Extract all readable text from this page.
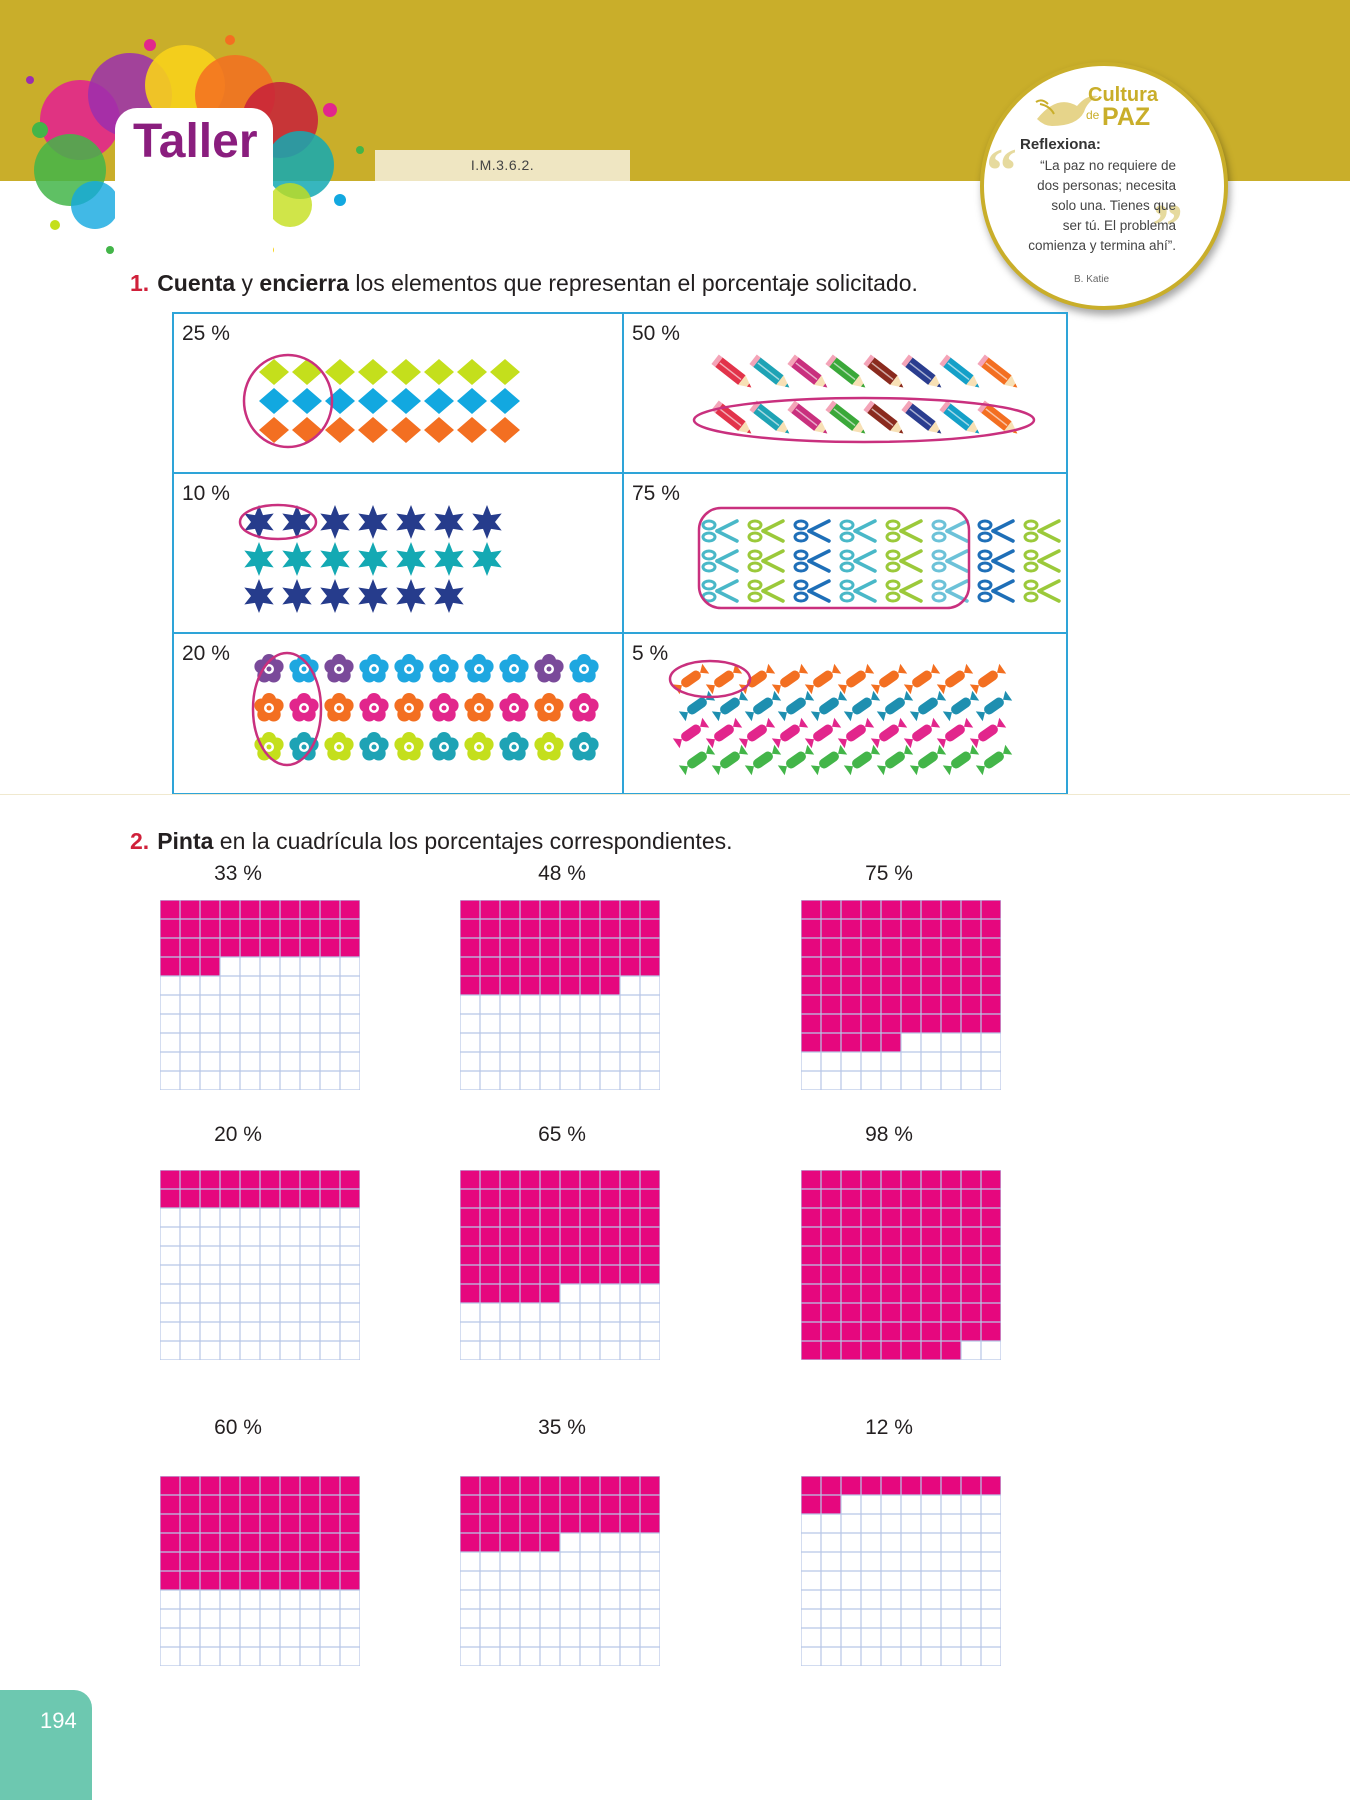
Taller	I.M.3.6.2.
Cultura
de PAZ
“
”
Reflexiona:
“La paz no requiere de
dos personas; necesita
solo una. Tienes que
ser tú. El problema
comienza y termina ahí”.
B. Katie
1. Cuenta y encierra los elementos que representan el porcentaje solicitado.
25 %	50 %
10 %	75 %
20 %	5 %
2. Pinta en la cuadrícula los porcentajes correspondientes.
33 %	48 %	75 %
20 %	65 %	98 %
60 %	35 %	12 %
194
